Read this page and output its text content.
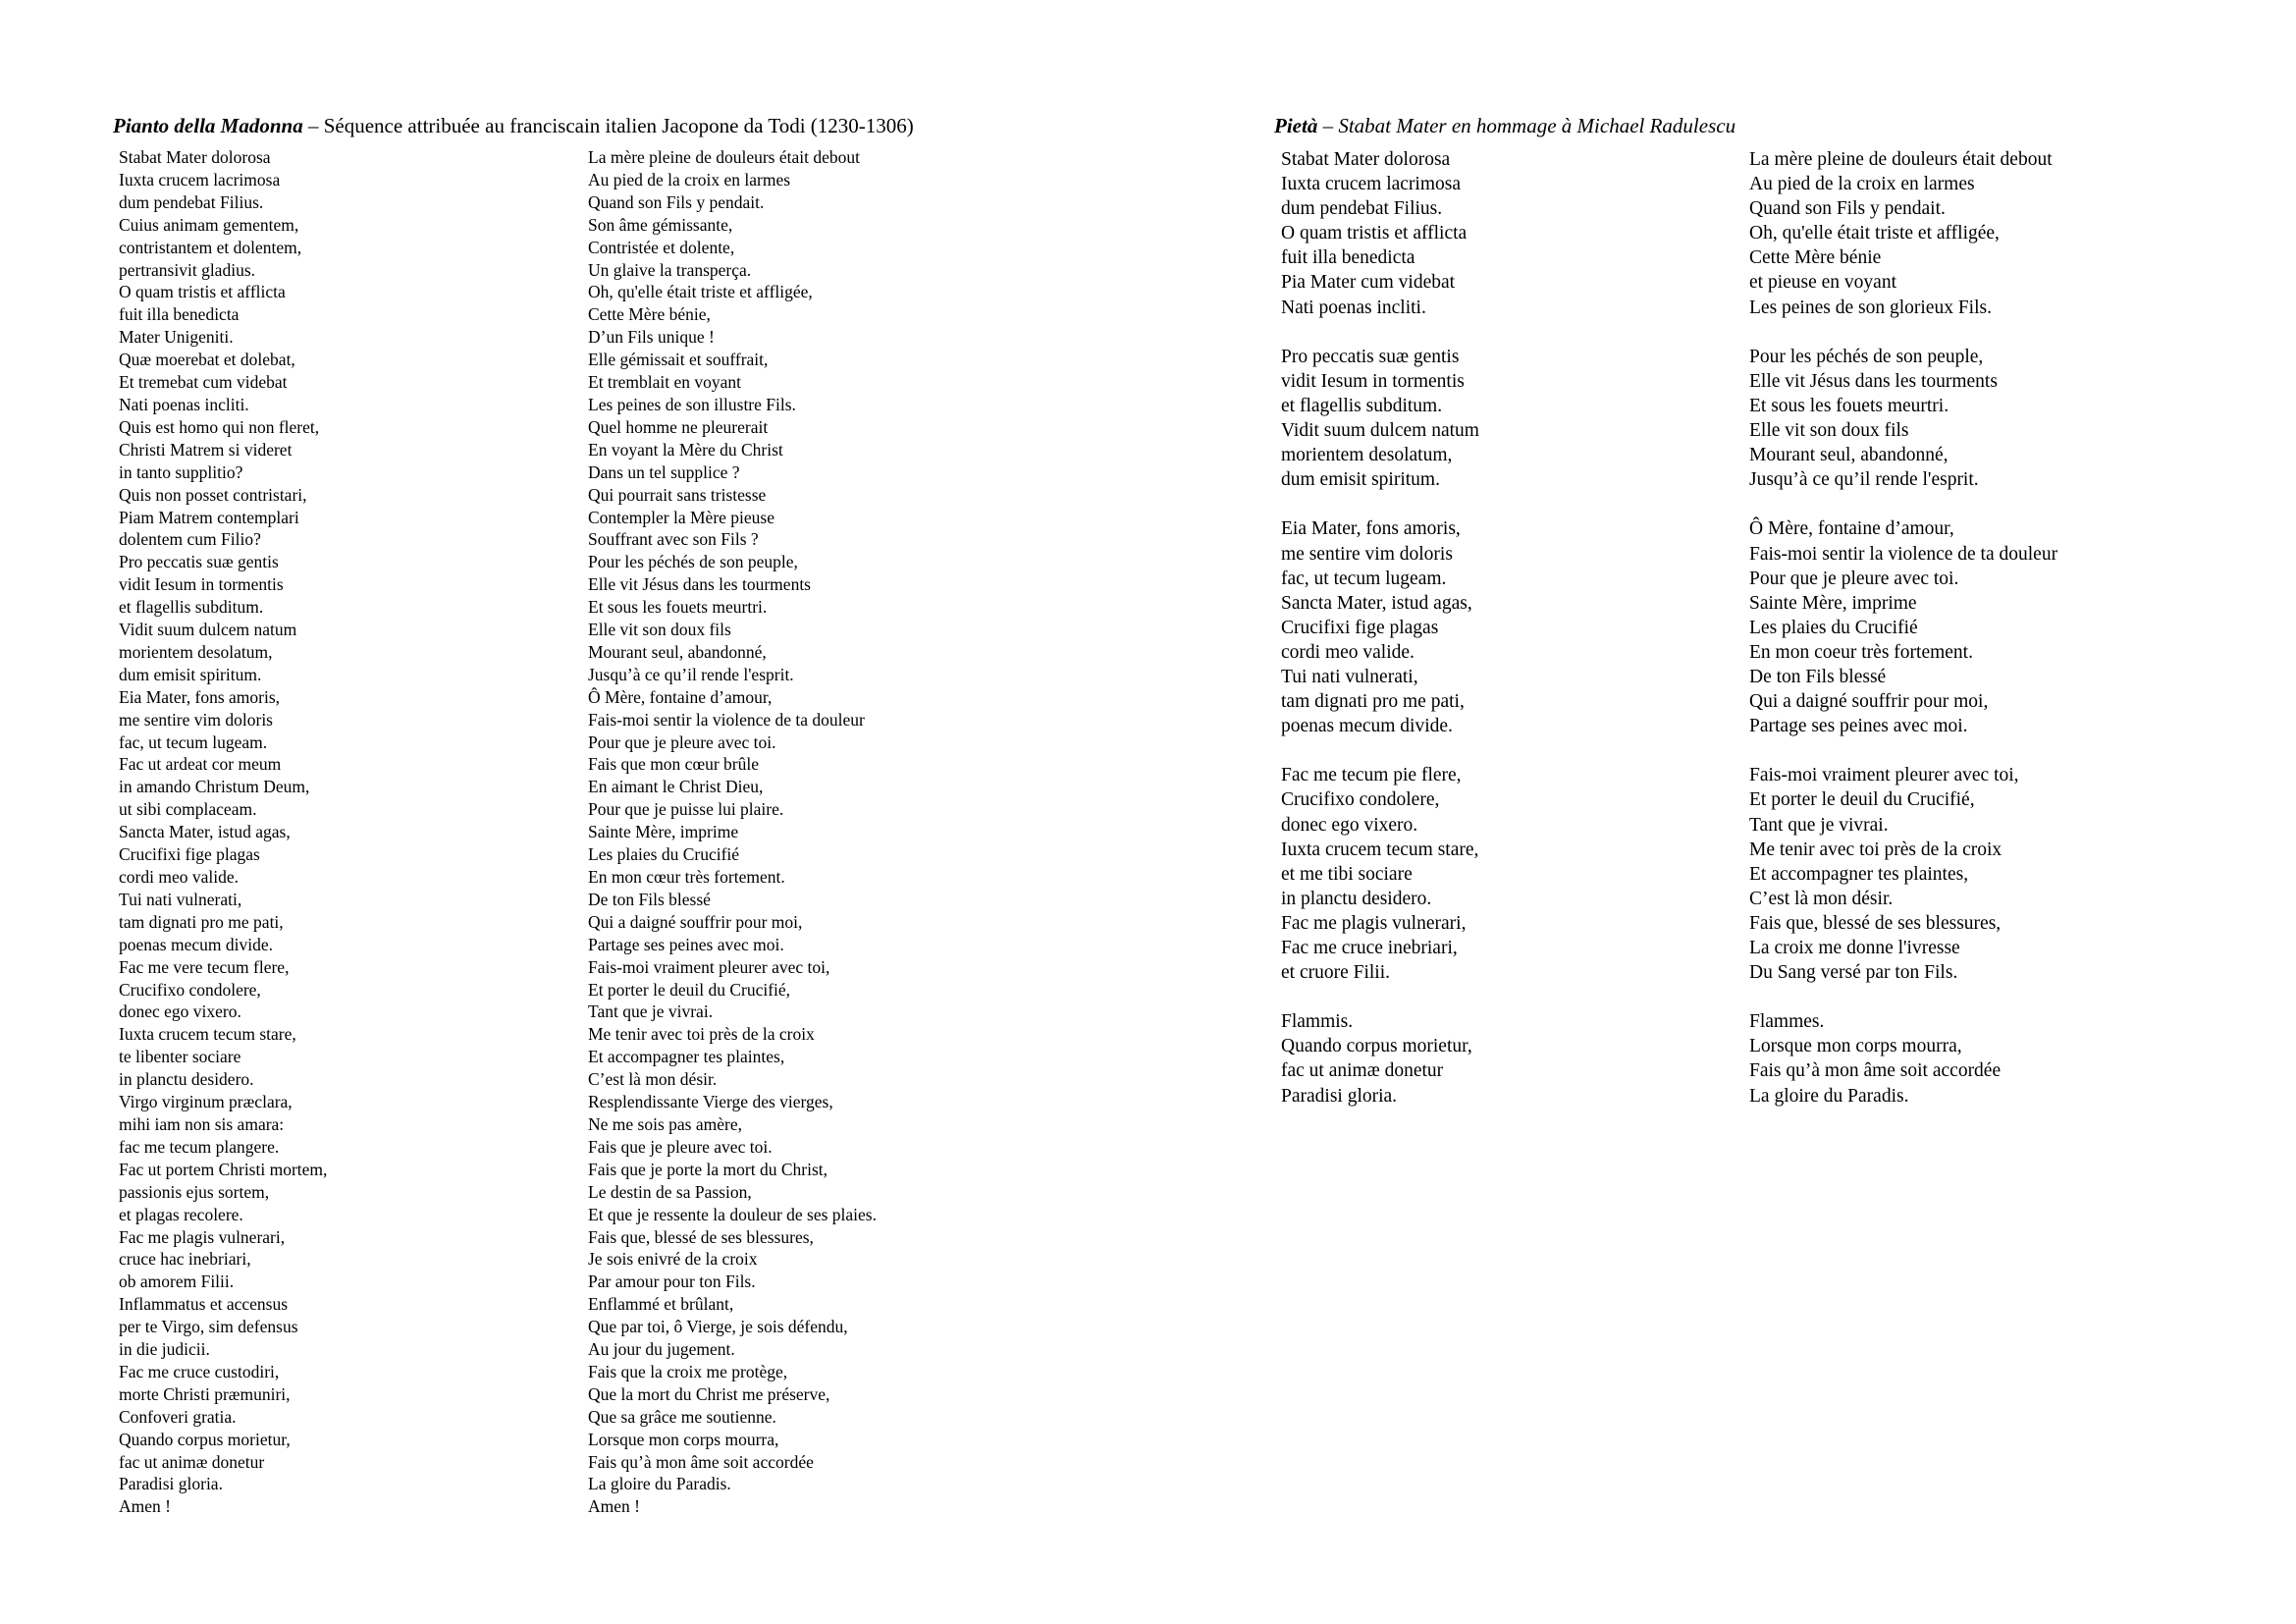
Pianto della Madonna – Séquence attribuée au franciscain italien Jacopone da Todi (1230-1306)	Pietà – Stabat Mater en hommage à Michael Radulescu
Stabat Mater dolorosa
Iuxta crucem lacrimosa
dum pendebat Filius.
Cuius animam gementem,
contristantem et dolentem,
pertransivit gladius.
O quam tristis et afflicta
fuit illa benedicta
Mater Unigeniti.
Quæ moerebat et dolebat,
Et tremebat cum videbat
Nati poenas incliti.
Quis est homo qui non fleret,
Christi Matrem si videret
in tanto supplitio?
Quis non posset contristari,
Piam Matrem contemplari
dolentem cum Filio?
Pro peccatis suæ gentis
vidit Iesum in tormentis
et flagellis subditum.
Vidit suum dulcem natum
morientem desolatum,
dum emisit spiritum.
Eia Mater, fons amoris,
me sentire vim doloris
fac, ut tecum lugeam.
Fac ut ardeat cor meum
in amando Christum Deum,
ut sibi complaceam.
Sancta Mater, istud agas,
Crucifixi fige plagas
cordi meo valide.
Tui nati vulnerati,
tam dignati pro me pati,
poenas mecum divide.
Fac me vere tecum flere,
Crucifixo condolere,
donec ego vixero.
Iuxta crucem tecum stare,
te libenter sociare
in planctu desidero.
Virgo virginum præclara,
mihi iam non sis amara:
fac me tecum plangere.
Fac ut portem Christi mortem,
passionis ejus sortem,
et plagas recolere.
Fac me plagis vulnerari,
cruce hac inebriari,
ob amorem Filii.
Inflammatus et accensus
per te Virgo, sim defensus
in die judicii.
Fac me cruce custodiri,
morte Christi præmuniri,
Confoveri gratia.
Quando corpus morietur,
fac ut animæ donetur
Paradisi gloria.
Amen !
La mère pleine de douleurs était debout
Au pied de la croix en larmes
Quand son Fils y pendait.
Son âme gémissante,
Contristée et dolente,
Un glaive la transperça.
Oh, qu'elle était triste et affligée,
Cette Mère bénie,
D’un Fils unique !
Elle gémissait et souffrait,
Et tremblait en voyant
Les peines de son illustre Fils.
Quel homme ne pleurerait
En voyant la Mère du Christ
Dans un tel supplice ?
Qui pourrait sans tristesse
Contempler la Mère pieuse
Souffrant avec son Fils ?
Pour les péchés de son peuple,
Elle vit Jésus dans les tourments
Et sous les fouets meurtri.
Elle vit son doux fils
Mourant seul, abandonné,
Jusqu’à ce qu’il rende l'esprit.
Ô Mère, fontaine d’amour,
Fais-moi sentir la violence de ta douleur
Pour que je pleure avec toi.
Fais que mon cœur brûle
En aimant le Christ Dieu,
Pour que je puisse lui plaire.
Sainte Mère, imprime
Les plaies du Crucifié
En mon cœur très fortement.
De ton Fils blessé
Qui a daigné souffrir pour moi,
Partage ses peines avec moi.
Fais-moi vraiment pleurer avec toi,
Et porter le deuil du Crucifié,
Tant que je vivrai.
Me tenir avec toi près de la croix
Et accompagner tes plaintes,
C’est là mon désir.
Resplendissante Vierge des vierges,
Ne me sois pas amère,
Fais que je pleure avec toi.
Fais que je porte la mort du Christ,
Le destin de sa Passion,
Et que je ressente la douleur de ses plaies.
Fais que, blessé de ses blessures,
Je sois enivré de la croix
Par amour pour ton Fils.
Enflammé et brûlant,
Que par toi, ô Vierge, je sois défendu,
Au jour du jugement.
Fais que la croix me protège,
Que la mort du Christ me préserve,
Que sa grâce me soutienne.
Lorsque mon corps mourra,
Fais qu’à mon âme soit accordée
La gloire du Paradis.
Amen !
Stabat Mater dolorosa
Iuxta crucem lacrimosa
dum pendebat Filius.
O quam tristis et afflicta
fuit illa benedicta
Pia Mater cum videbat
Nati poenas incliti.
Pro peccatis suæ gentis
vidit Iesum in tormentis
et flagellis subditum.
Vidit suum dulcem natum
morientem desolatum,
dum emisit spiritum.
Eia Mater, fons amoris,
me sentire vim doloris
fac, ut tecum lugeam.
Sancta Mater, istud agas,
Crucifixi fige plagas
cordi meo valide.
Tui nati vulnerati,
tam dignati pro me pati,
poenas mecum divide.
Fac me tecum pie flere,
Crucifixo condolere,
donec ego vixero.
Iuxta crucem tecum stare,
et me tibi sociare
in planctu desidero.
Fac me plagis vulnerari,
Fac me cruce inebriari,
et cruore Filii.
Flammis.
Quando corpus morietur,
fac ut animæ donetur
Paradisi gloria.
La mère pleine de douleurs était debout
Au pied de la croix en larmes
Quand son Fils y pendait.
Oh, qu'elle était triste et affligée,
Cette Mère bénie
et pieuse en voyant
Les peines de son glorieux Fils.
Pour les péchés de son peuple,
Elle vit Jésus dans les tourments
Et sous les fouets meurtri.
Elle vit son doux fils
Mourant seul, abandonné,
Jusqu’à ce qu’il rende l'esprit.
Ô Mère, fontaine d’amour,
Fais-moi sentir la violence de ta douleur
Pour que je pleure avec toi.
Sainte Mère, imprime
Les plaies du Crucifié
En mon coeur très fortement.
De ton Fils blessé
Qui a daigné souffrir pour moi,
Partage ses peines avec moi.
Fais-moi vraiment pleurer avec toi,
Et porter le deuil du Crucifié,
Tant que je vivrai.
Me tenir avec toi près de la croix
Et accompagner tes plaintes,
C’est là mon désir.
Fais que, blessé de ses blessures,
La croix me donne l'ivresse
Du Sang versé par ton Fils.
Flammes.
Lorsque mon corps mourra,
Fais qu’à mon âme soit accordée
La gloire du Paradis.
